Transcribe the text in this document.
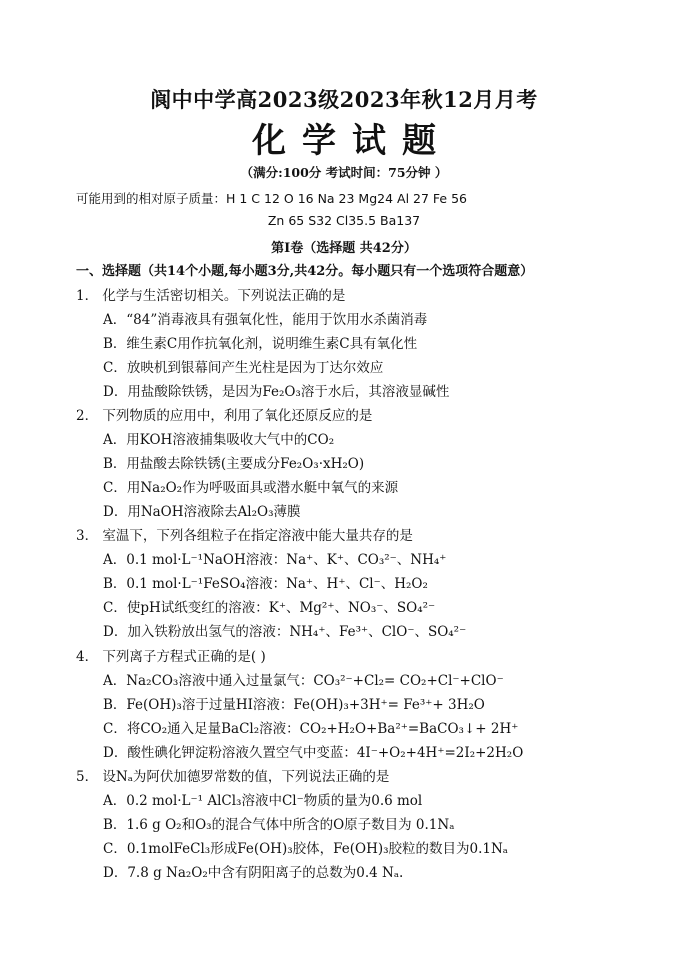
阆中中学高2023级2023年秋12月月考
化学试题
（满分:100分 考试时间：75分钟 ）
可能用到的相对原子质量：H 1 C 12 O 16 Na 23 Mg24 Al 27 Fe 56
Zn 65 S32 Cl35.5 Ba137
第Ⅰ卷（选择题 共42分）
一、选择题（共14个小题,每小题3分,共42分。每小题只有一个选项符合题意）
1． 化学与生活密切相关。下列说法正确的是
A．“84”消毒液具有强氧化性，能用于饮用水杀菌消毒
B．维生素C用作抗氧化剂，说明维生素C具有氧化性
C．放映机到银幕间产生光柱是因为丁达尔效应
D．用盐酸除铁锈，是因为Fe₂O₃溶于水后，其溶液显碱性
2． 下列物质的应用中，利用了氧化还原反应的是
A．用KOH溶液捕集吸收大气中的CO₂
B．用盐酸去除铁锈(主要成分Fe₂O₃·xH₂O)
C．用Na₂O₂作为呼吸面具或潜水艇中氧气的来源
D．用NaOH溶液除去Al₂O₃薄膜
3． 室温下，下列各组粒子在指定溶液中能大量共存的是
A．0.1 mol·L⁻¹NaOH溶液：Na⁺、K⁺、CO₃²⁻、NH₄⁺
B．0.1 mol·L⁻¹FeSO₄溶液：Na⁺、H⁺、Cl⁻、H₂O₂
C．使pH试纸变红的溶液：K⁺、Mg²⁺、NO₃⁻、SO₄²⁻
D．加入铁粉放出氢气的溶液：NH₄⁺、Fe³⁺、ClO⁻、SO₄²⁻
4． 下列离子方程式正确的是( )
A．Na₂CO₃溶液中通入过量氯气：CO₃²⁻+Cl₂= CO₂+Cl⁻+ClO⁻
B．Fe(OH)₃溶于过量HI溶液：Fe(OH)₃+3H⁺= Fe³⁺+ 3H₂O
C．将CO₂通入足量BaCl₂溶液：CO₂+H₂O+Ba²⁺=BaCO₃↓+ 2H⁺
D．酸性碘化钾淀粉溶液久置空气中变蓝：4I⁻+O₂+4H⁺=2I₂+2H₂O
5． 设Nₐ为阿伏加德罗常数的值，下列说法正确的是
A．0.2 mol·L⁻¹ AlCl₃溶液中Cl⁻物质的量为0.6 mol
B．1.6 g O₂和O₃的混合气体中所含的O原子数目为 0.1Nₐ
C．0.1molFeCl₃形成Fe(OH)₃胶体，Fe(OH)₃胶粒的数目为0.1Nₐ
D．7.8 g Na₂O₂中含有阴阳离子的总数为0.4 Nₐ.
